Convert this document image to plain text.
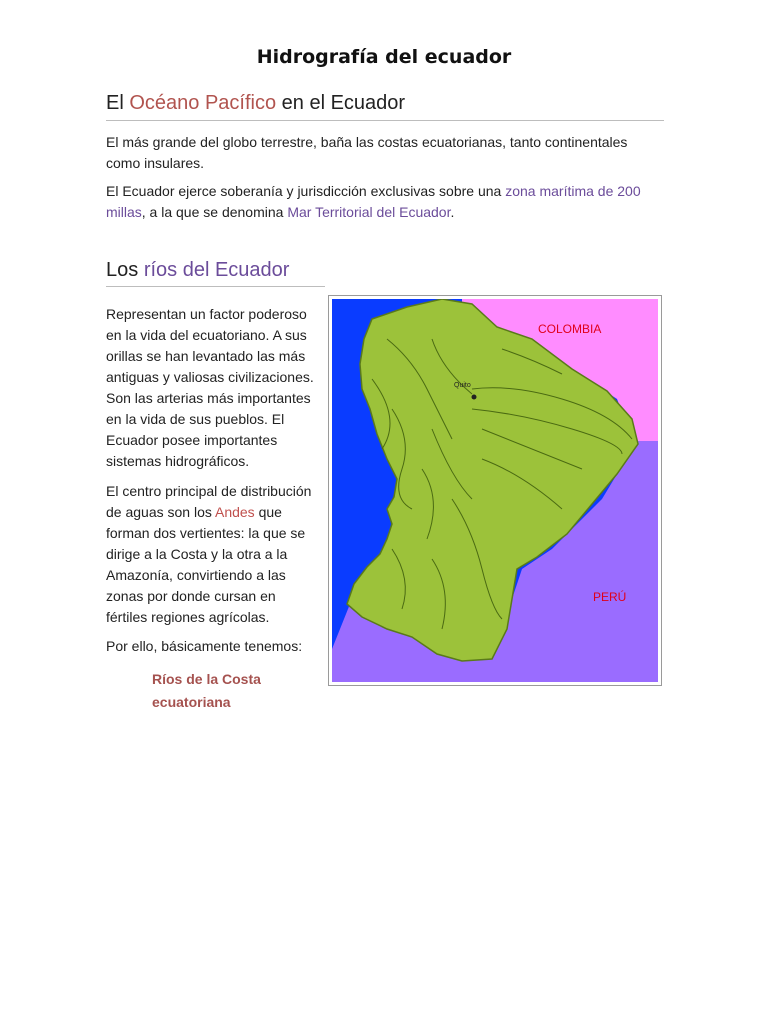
Hidrografía del ecuador
El Océano Pacífico en el Ecuador
El más grande del globo terrestre, baña las costas ecuatorianas, tanto continentales como insulares.
El Ecuador ejerce soberanía y jurisdicción exclusivas sobre una zona marítima de 200 millas, a la que se denomina Mar Territorial del Ecuador.
Los ríos del Ecuador
Representan un factor poderoso en la vida del ecuatoriano. A sus orillas se han levantado las más antiguas y valiosas civilizaciones. Son las arterias más importantes en la vida de sus pueblos. El Ecuador posee importantes sistemas hidrográficos.
El centro principal de distribución de aguas son los Andes que forman dos vertientes: la que se dirige a la Costa y la otra a la Amazonía, convirtiendo a las zonas por donde cursan en fértiles regiones agrícolas.
Por ello, básicamente tenemos:
Ríos de la Costa ecuatoriana
Quito
COLOMBIA
PERÚ
